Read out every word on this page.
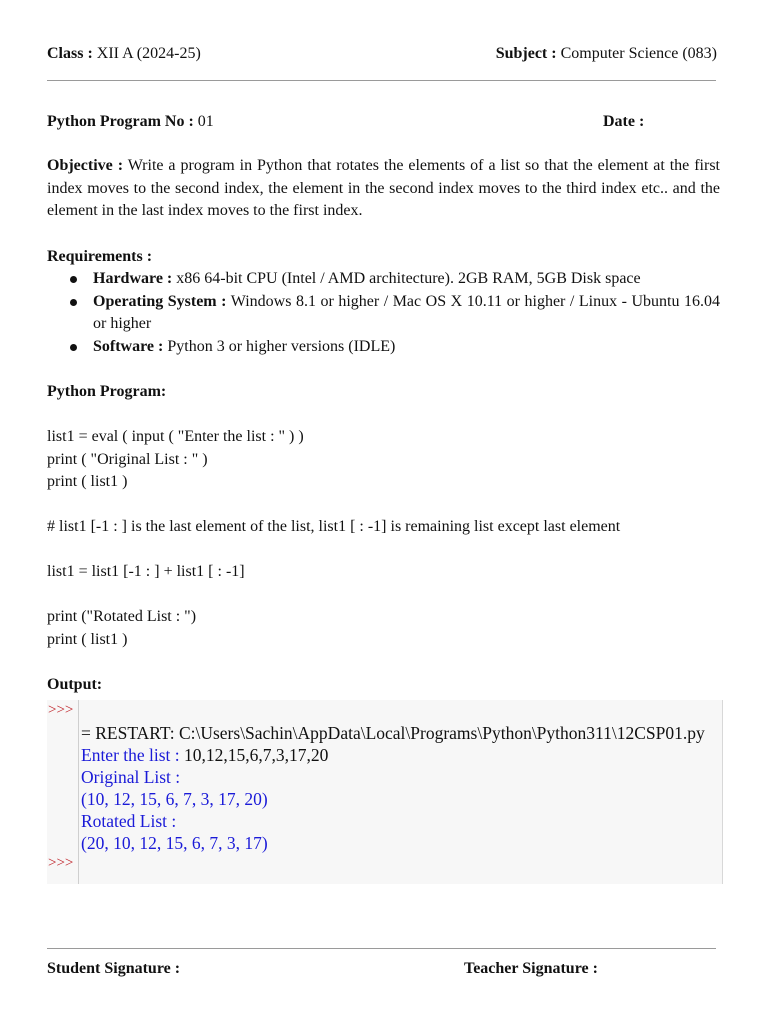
Class : XII A (2024-25)	Subject : Computer Science (083)
Python Program No : 01	Date :
Objective : Write a program in Python that rotates the elements of a list so that the element at the first index moves to the second index, the element in the second index moves to the third index etc.. and the element in the last index moves to the first index.
Requirements :
Hardware : x86 64-bit CPU (Intel / AMD architecture). 2GB RAM, 5GB Disk space
Operating System : Windows 8.1 or higher / Mac OS X 10.11 or higher / Linux - Ubuntu 16.04 or higher
Software : Python 3 or higher versions (IDLE)
Python Program:
list1 = eval ( input ( "Enter the list : " ) )
print ( "Original List : " )
print ( list1 )
# list1 [-1 : ] is the last element of the list, list1 [ : -1] is remaining list except last element
list1 = list1 [-1 : ] + list1 [ : -1]
print ("Rotated List : ")
print ( list1 )
Output:
>>>
= RESTART: C:\Users\Sachin\AppData\Local\Programs\Python\Python311\12CSP01.py
Enter the list : 10,12,15,6,7,3,17,20
Original List :
(10, 12, 15, 6, 7, 3, 17, 20)
Rotated List :
(20, 10, 12, 15, 6, 7, 3, 17)
>>>
Student Signature :	Teacher Signature :
